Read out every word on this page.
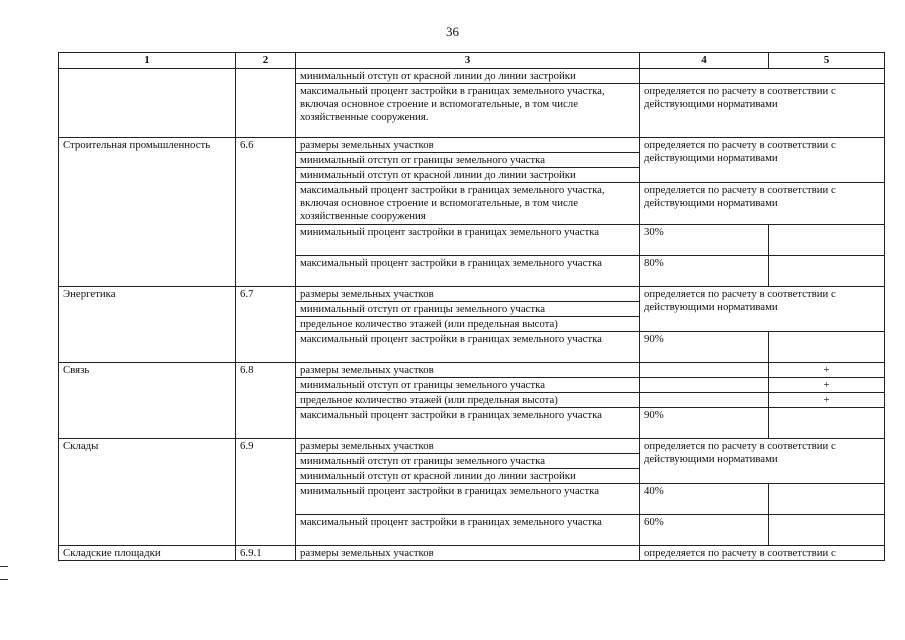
36
1	2	3	4	5
		минимальный отступ от красной линии до линии застройки		
		максимальный процент застройки в границах земельного участка, включая основное строение и вспомогательные, в том числе хозяйственные сооружения.	определяется по расчету в соответствии с действующими нормативами	
Строительная промышленность	6.6	размеры земельных участков	определяется по расчету в соответствии с действующими нормативами	
		минимальный отступ от границы земельного участка		
		минимальный отступ от красной линии до линии застройки		
		максимальный процент застройки в границах земельного участка, включая основное строение и вспомогательные, в том числе хозяйственные сооружения	определяется по расчету в соответствии с действующими нормативами	
		минимальный процент застройки в границах земельного участка	30%	
		максимальный процент застройки в границах земельного участка	80%	
Энергетика	6.7	размеры земельных участков	определяется по расчету в соответствии с действующими нормативами	
		минимальный отступ от границы земельного участка		
		предельное количество этажей (или предельная высота)		
		максимальный процент застройки в границах земельного участка	90%	
Связь	6.8	размеры земельных участков		+
		минимальный отступ от границы земельного участка		+
		предельное количество этажей (или предельная высота)		+
		максимальный процент застройки в границах земельного участка	90%	
Склады	6.9	размеры земельных участков	определяется по расчету в соответствии с действующими нормативами	
		минимальный отступ от границы земельного участка		
		минимальный отступ от красной линии до линии застройки		
		минимальный процент застройки в границах земельного участка	40%	
		максимальный процент застройки в границах земельного участка	60%	
Складские площадки	6.9.1	размеры земельных участков	определяется по расчету в соответствии с	
